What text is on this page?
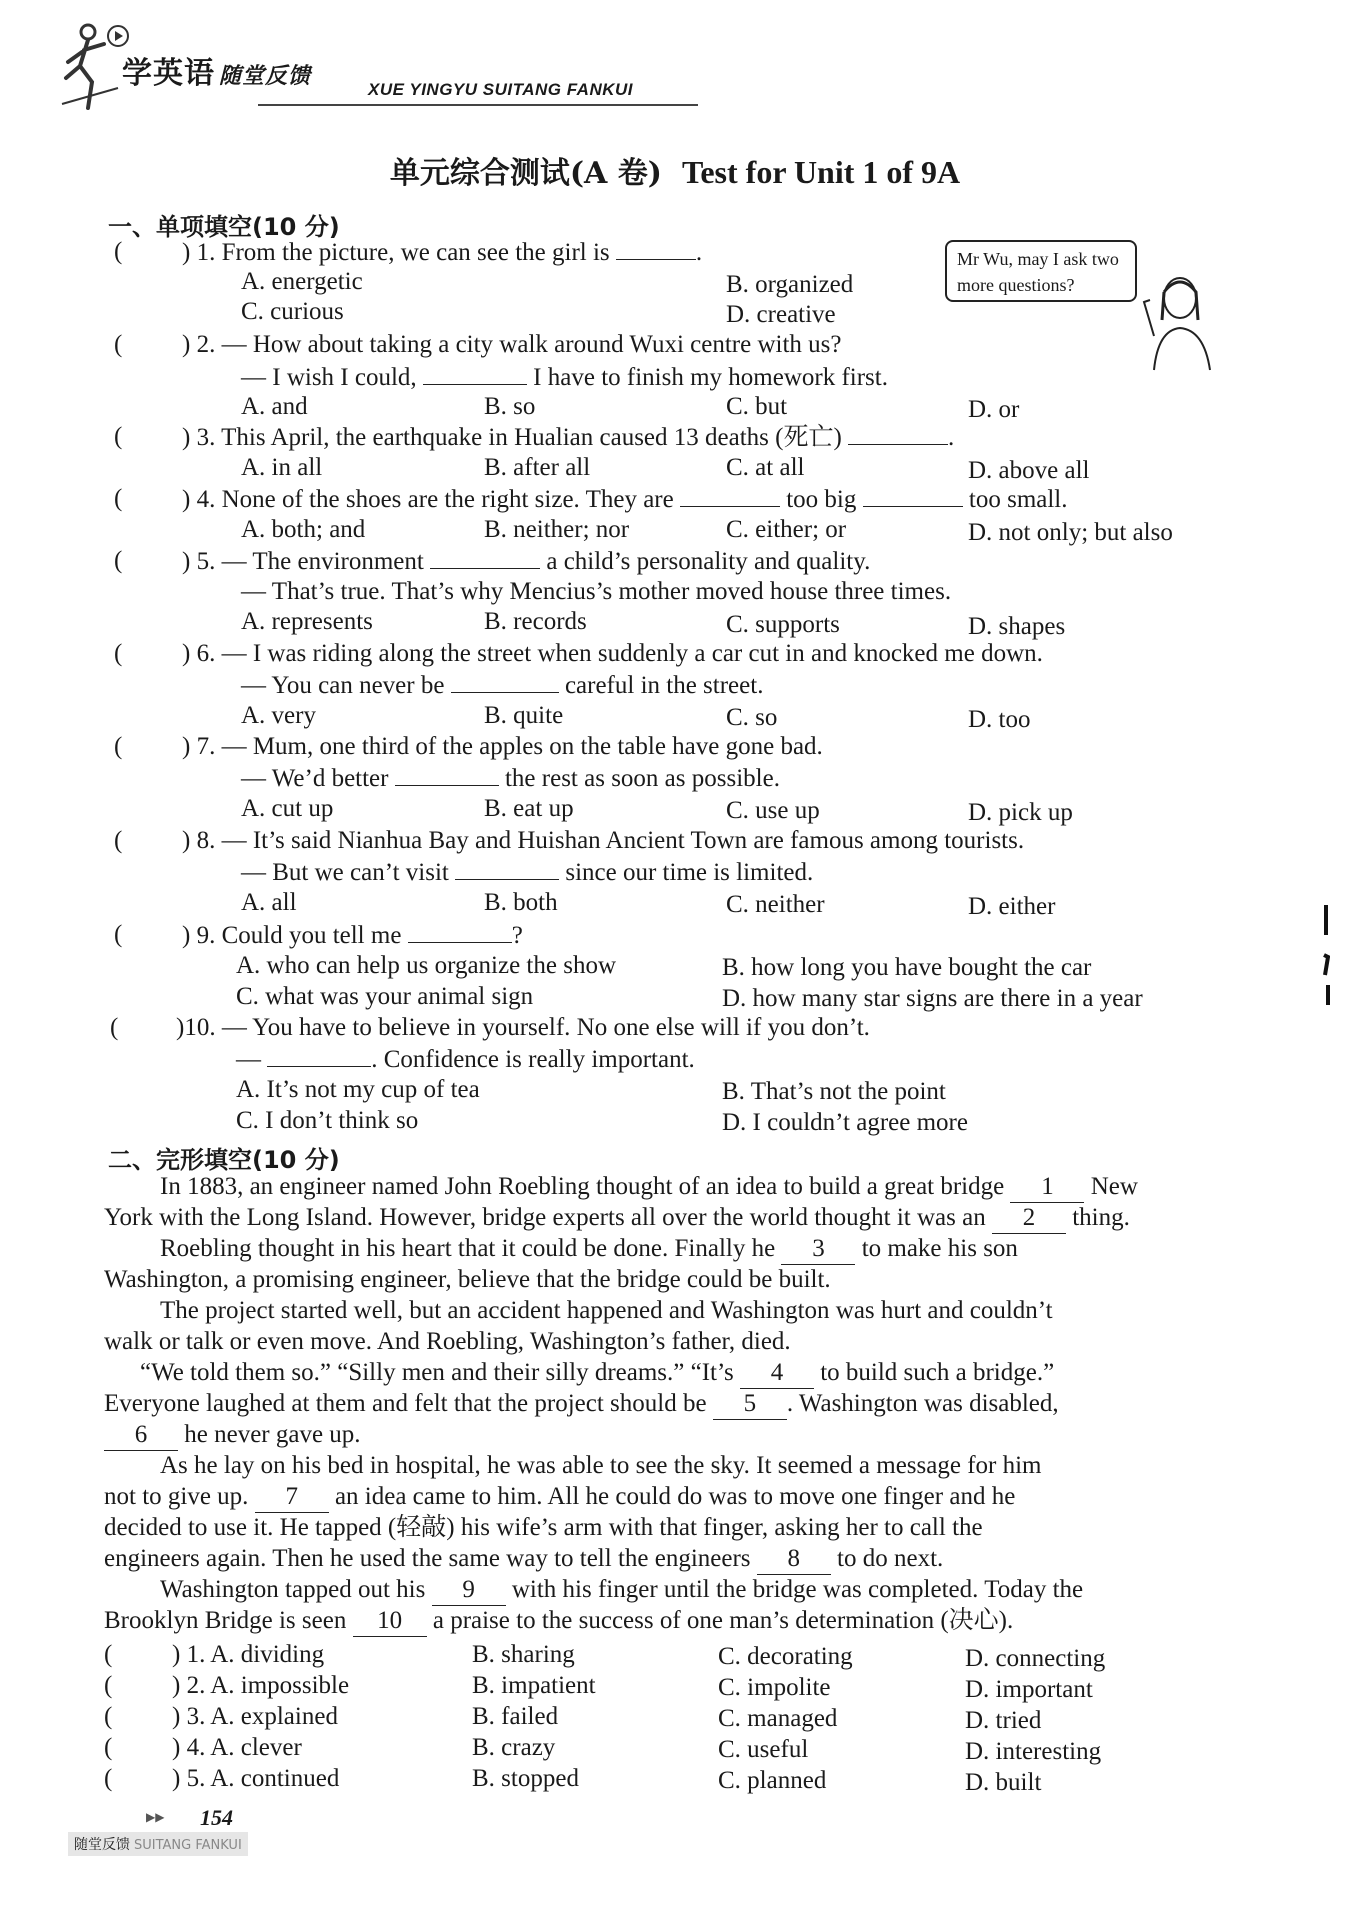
学英语 随堂反馈
XUE YINGYU SUITANG FANKUI
单元综合测试(A 卷) Test for Unit 1 of 9A
一、单项填空(10 分)
Mr Wu, may I ask two more questions?
( ) 1. From the picture, we can see the girl is	.
A. energetic	B. organized
C. curious	D. creative
( ) 2. — How about taking a city walk around Wuxi centre with us?
— I wish I could,	I have to finish my homework first.
A. and	B. so	C. but	D. or
( ) 3. This April, the earthquake in Hualian caused 13 deaths (死亡)	.
A. in all	B. after all	C. at all	D. above all
( ) 4. None of the shoes are the right size. They are	too big	too small.
A. both; and	B. neither; nor	C. either; or	D. not only; but also
( ) 5. — The environment	a child’s personality and quality.
— That’s true. That’s why Mencius’s mother moved house three times.
A. represents	B. records	C. supports	D. shapes
( ) 6. — I was riding along the street when suddenly a car cut in and knocked me down.
— You can never be	careful in the street.
A. very	B. quite	C. so	D. too
( ) 7. — Mum, one third of the apples on the table have gone bad.
— We’d better	the rest as soon as possible.
A. cut up	B. eat up	C. use up	D. pick up
( ) 8. — It’s said Nianhua Bay and Huishan Ancient Town are famous among tourists.
— But we can’t visit	since our time is limited.
A. all	B. both	C. neither	D. either
( ) 9. Could you tell me	?
A. who can help us organize the show	B. how long you have bought the car
C. what was your animal sign	D. how many star signs are there in a year
( )10. — You have to believe in yourself. No one else will if you don’t.
—	. Confidence is really important.
A. It’s not my cup of tea	B. That’s not the point
C. I don’t think so	D. I couldn’t agree more
二、完形填空(10 分)
In 1883, an engineer named John Roebling thought of an idea to build a great bridge 1 New
York with the Long Island. However, bridge experts all over the world thought it was an 2 thing.
Roebling thought in his heart that it could be done. Finally he 3 to make his son
Washington, a promising engineer, believe that the bridge could be built.
The project started well, but an accident happened and Washington was hurt and couldn’t
walk or talk or even move. And Roebling, Washington’s father, died.
“We told them so.” “Silly men and their silly dreams.” “It’s 4 to build such a bridge.”
Everyone laughed at them and felt that the project should be 5 . Washington was disabled,
6 he never gave up.
As he lay on his bed in hospital, he was able to see the sky. It seemed a message for him
not to give up. 7 an idea came to him. All he could do was to move one finger and he
decided to use it. He tapped (轻敲) his wife’s arm with that finger, asking her to call the
engineers again. Then he used the same way to tell the engineers 8 to do next.
Washington tapped out his 9 with his finger until the bridge was completed. Today the
Brooklyn Bridge is seen 10 a praise to the success of one man’s determination (决心).
( ) 1. A. dividing	B. sharing	C. decorating	D. connecting
( ) 2. A. impossible	B. impatient	C. impolite	D. important
( ) 3. A. explained	B. failed	C. managed	D. tried
( ) 4. A. clever	B. crazy	C. useful	D. interesting
( ) 5. A. continued	B. stopped	C. planned	D. built
▶▶ 154
随堂反馈 SUITANG FANKUI
